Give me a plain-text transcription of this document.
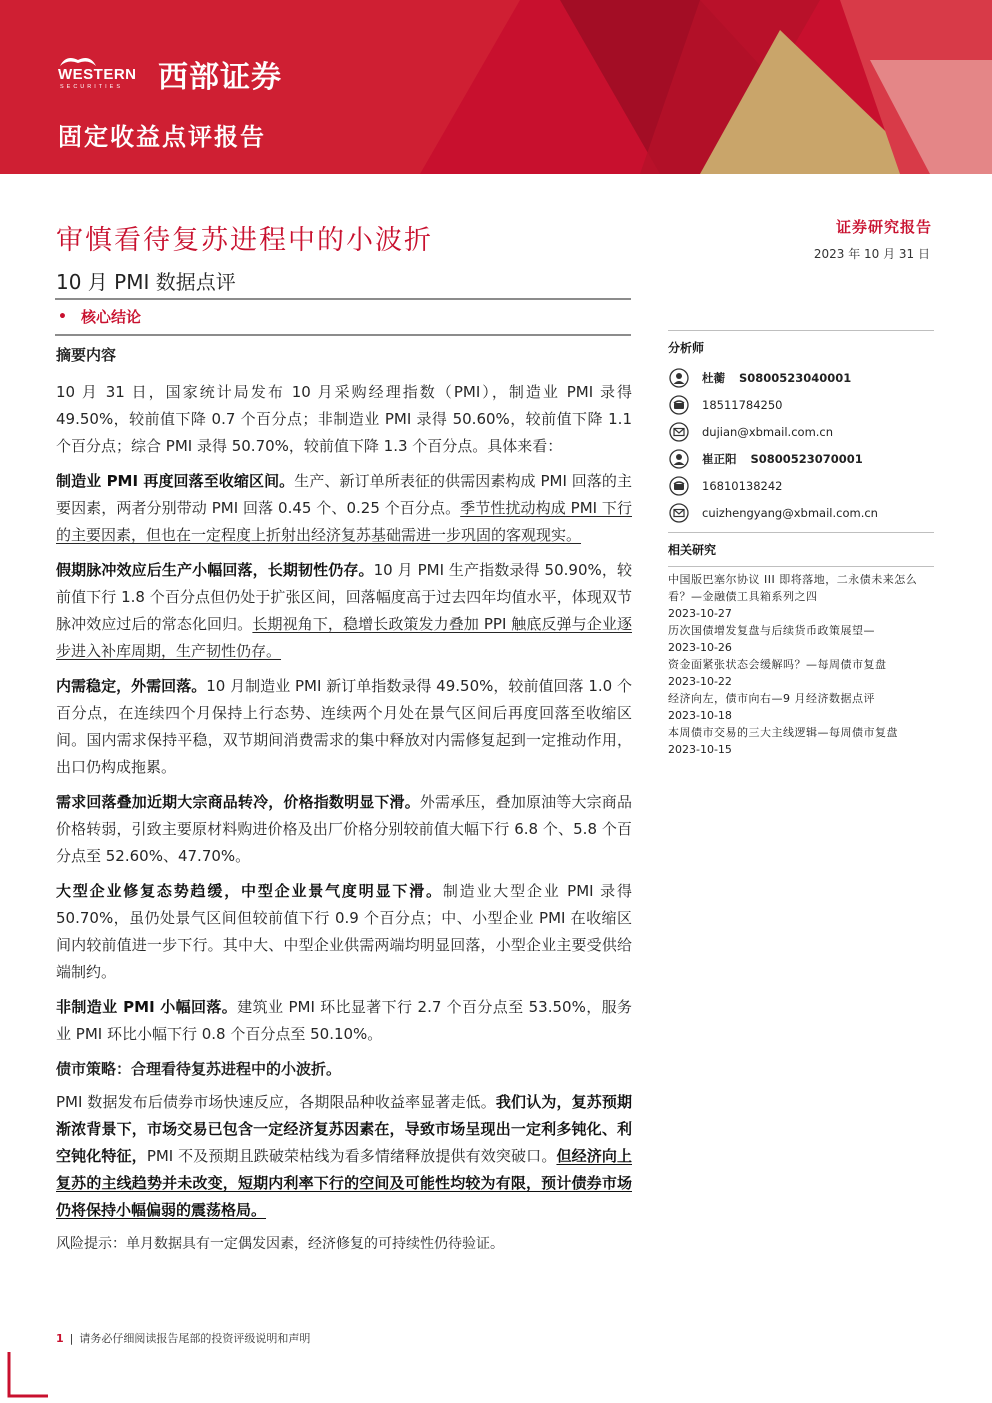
WESTERN
SECURITIES 西部证券
固定收益点评报告
审慎看待复苏进程中的小波折
10 月 PMI 数据点评
• 核心结论
证券研究报告
2023 年 10 月 31 日
摘要内容

10 月 31 日，国家统计局发布 10 月采购经理指数（PMI），制造业 PMI 录得 49.50%，较前值下降 0.7 个百分点；非制造业 PMI 录得 50.60%，较前值下降 1.1 个百分点；综合 PMI 录得 50.70%，较前值下降 1.3 个百分点。具体来看：

制造业 PMI 再度回落至收缩区间。生产、新订单所表征的供需因素构成 PMI 回落的主要因素，两者分别带动 PMI 回落 0.45 个、0.25 个百分点。季节性扰动构成 PMI 下行的主要因素，但也在一定程度上折射出经济复苏基础需进一步巩固的客观现实。

假期脉冲效应后生产小幅回落，长期韧性仍存。10 月 PMI 生产指数录得 50.90%，较前值下行 1.8 个百分点但仍处于扩张区间，回落幅度高于过去四年均值水平，体现双节脉冲效应过后的常态化回归。长期视角下，稳增长政策发力叠加 PPI 触底反弹与企业逐步进入补库周期，生产韧性仍存。

内需稳定，外需回落。10 月制造业 PMI 新订单指数录得 49.50%，较前值回落 1.0 个百分点，在连续四个月保持上行态势、连续两个月处在景气区间后再度回落至收缩区间。国内需求保持平稳，双节期间消费需求的集中释放对内需修复起到一定推动作用，出口仍构成拖累。

需求回落叠加近期大宗商品转冷，价格指数明显下滑。外需承压，叠加原油等大宗商品价格转弱，引致主要原材料购进价格及出厂价格分别较前值大幅下行 6.8 个、5.8 个百分点至 52.60%、47.70%。

大型企业修复态势趋缓，中型企业景气度明显下滑。制造业大型企业 PMI 录得 50.70%，虽仍处景气区间但较前值下行 0.9 个百分点；中、小型企业 PMI 在收缩区间内较前值进一步下行。其中大、中型企业供需两端均明显回落，小型企业主要受供给端制约。

非制造业 PMI 小幅回落。建筑业 PMI 环比显著下行 2.7 个百分点至 53.50%，服务业 PMI 环比小幅下行 0.8 个百分点至 50.10%。

债市策略：合理看待复苏进程中的小波折。

PMI 数据发布后债券市场快速反应，各期限品种收益率显著走低。我们认为，复苏预期渐浓背景下，市场交易已包含一定经济复苏因素在，导致市场呈现出一定利多钝化、利空钝化特征，PMI 不及预期且跌破荣枯线为看多情绪释放提供有效突破口。但经济向上复苏的主线趋势并未改变，短期内利率下行的空间及可能性均较为有限，预计债券市场仍将保持小幅偏弱的震荡格局。

风险提示：单月数据具有一定偶发因素，经济修复的可持续性仍待验证。
分析师
杜蘅 S0800523040001
18511784250
dujian@xbmail.com.cn
崔正阳 S0800523070001
16810138242
cuizhengyang@xbmail.com.cn
相关研究
中国版巴塞尔协议 III 即将落地，二永债未来怎么看？—金融债工具箱系列之四
2023-10-27
历次国债增发复盘与后续货币政策展望—
2023-10-26
资金面紧张状态会缓解吗？—每周债市复盘
2023-10-22
经济向左，债市向右—9 月经济数据点评
2023-10-18
本周债市交易的三大主线逻辑—每周债市复盘
2023-10-15
1 | 请务必仔细阅读报告尾部的投资评级说明和声明
